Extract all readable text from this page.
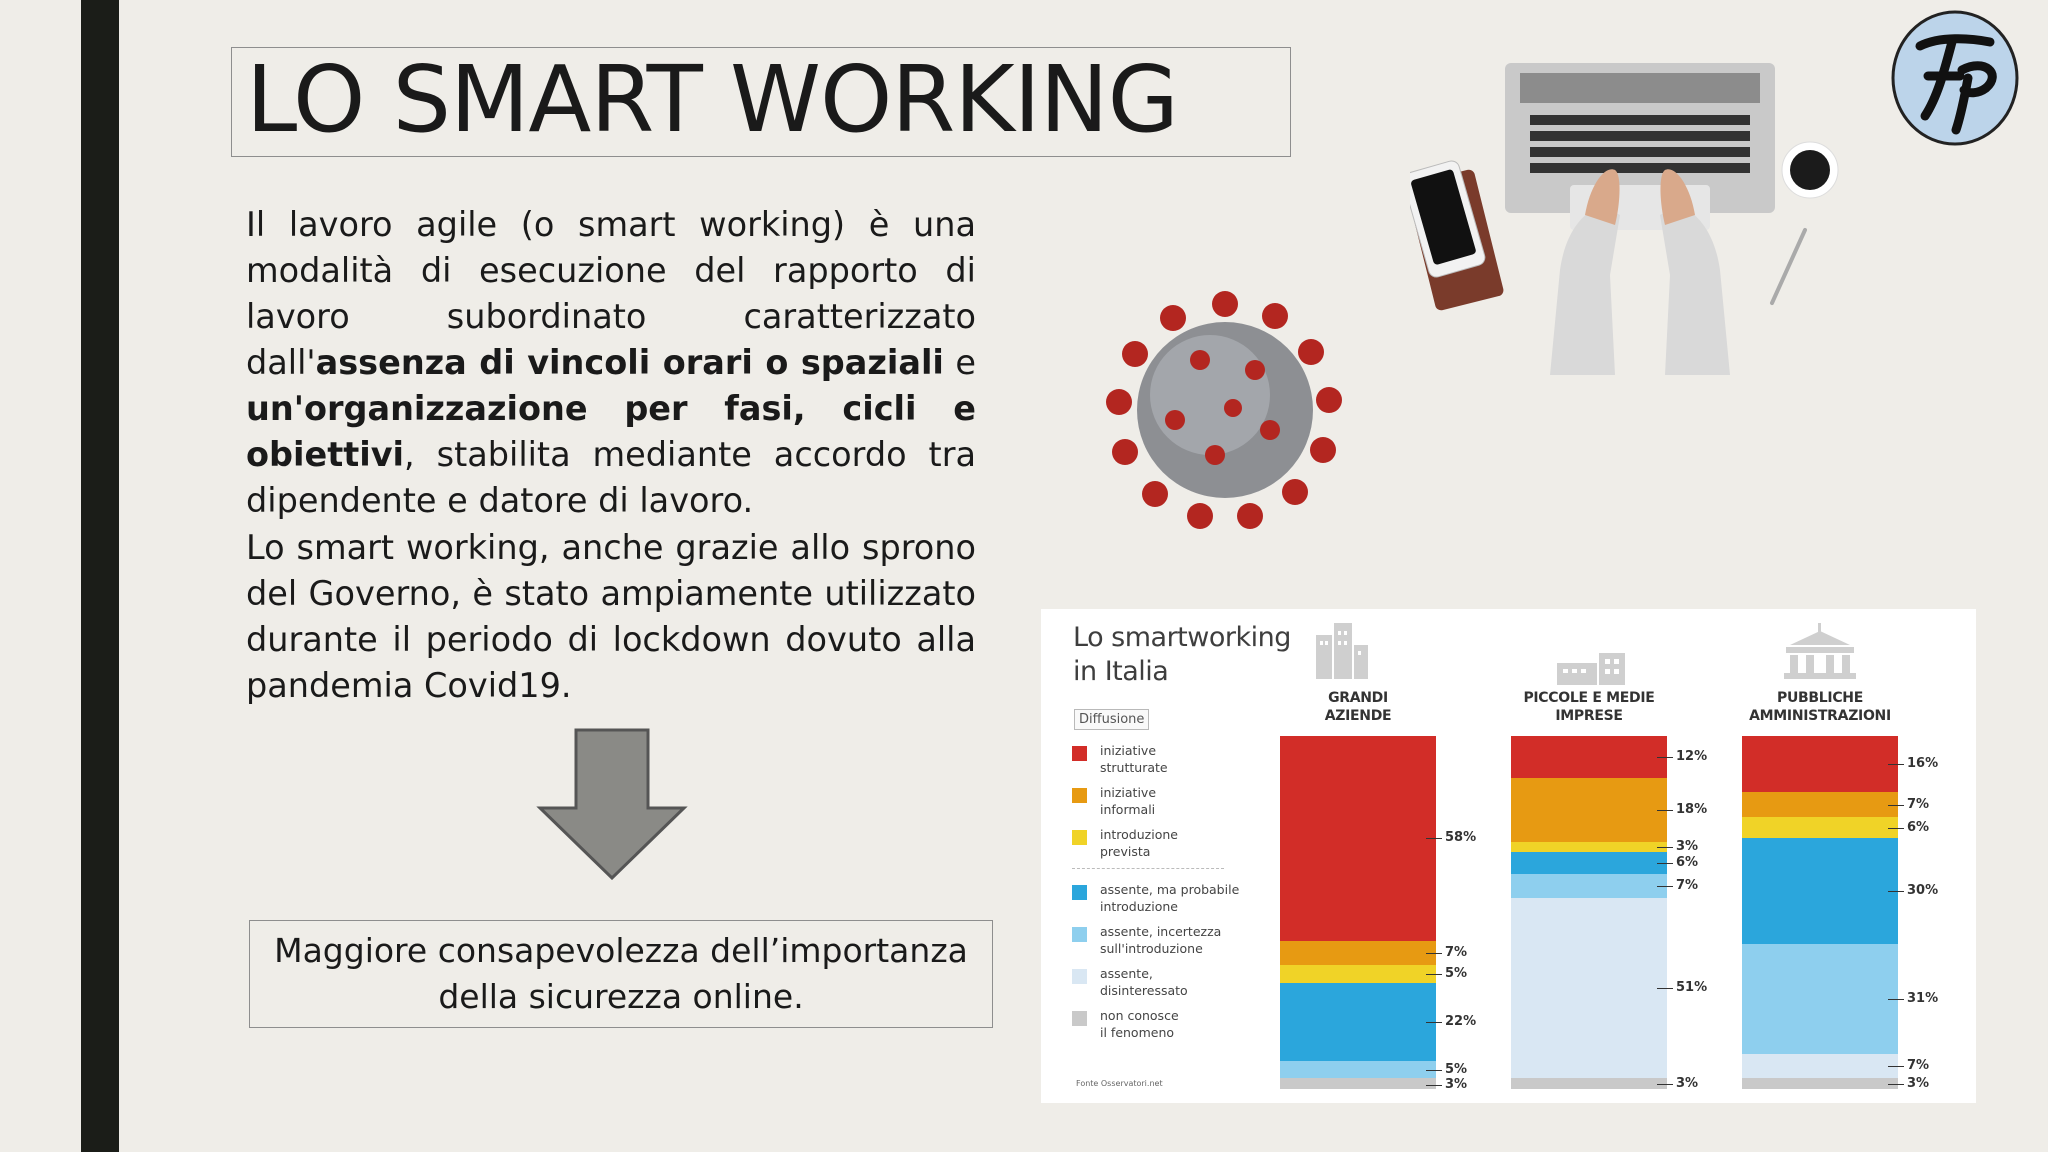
LO SMART WORKING

Il lavoro agile (o smart working) è una modalità di esecuzione del rapporto di lavoro subordinato caratterizzato dall'assenza di vincoli orari o spaziali e un'organizzazione per fasi, cicli e obiettivi, stabilita mediante accordo tra dipendente e datore di lavoro.

Lo smart working, anche grazie allo sprono del Governo, è stato ampiamente utilizzato durante il periodo di lockdown dovuto alla pandemia Covid19.

Maggiore consapevolezza dell’importanza
della sicurezza online.
Lo smartworking
in Italia
Diffusione
iniziative
strutturate
iniziative
informali
introduzione
prevista
assente, ma probabile
introduzione
assente, incertezza
sull'introduzione
assente,
disinteressato
non conosce
il fenomeno
Fonte Osservatori.net
GRANDI
AZIENDE
58%
7%
5%
22%
5%
3%
PICCOLE E MEDIE
IMPRESE
12%
18%
3%
6%
7%
51%
3%
PUBBLICHE
AMMINISTRAZIONI
16%
7%
6%
30%
31%
7%
3%
